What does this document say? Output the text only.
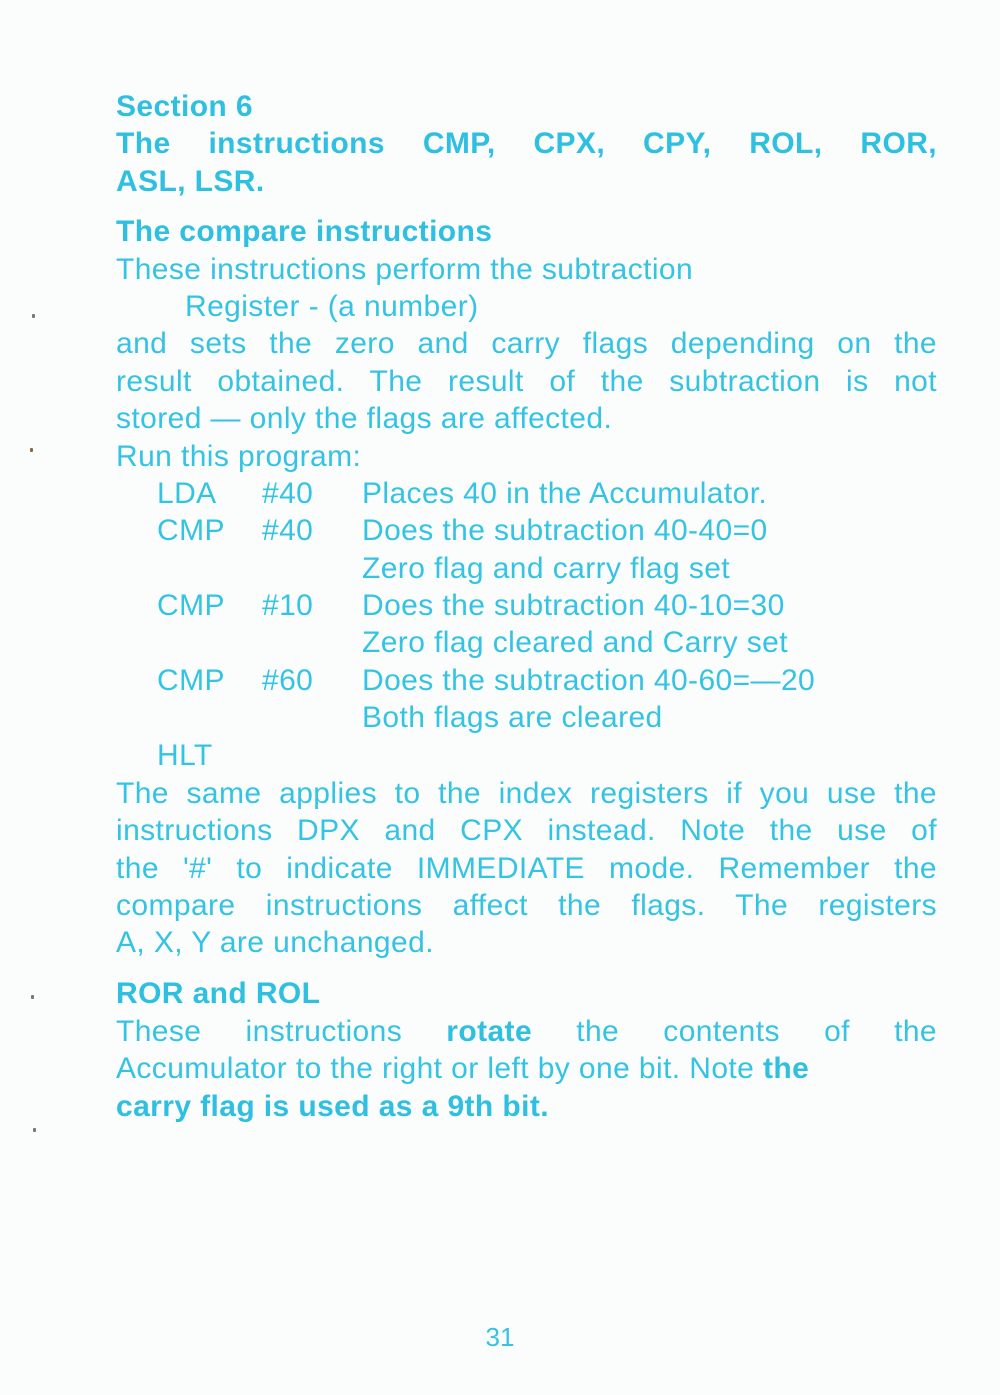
Section 6
The instructions CMP, CPX, CPY, ROL, ROR,
ASL, LSR.
The compare instructions
These instructions perform the subtraction
Register - (a number)
and sets the zero and carry flags depending on the
result obtained. The result of the subtraction is not
stored — only the flags are affected.
Run this program:
LDA #40 Places 40 in the Accumulator.
CMP #40 Does the subtraction 40-40=0
Zero flag and carry flag set
CMP #10 Does the subtraction 40-10=30
Zero flag cleared and Carry set
CMP #60 Does the subtraction 40-60=—20
Both flags are cleared
HLT
The same applies to the index registers if you use the
instructions DPX and CPX instead. Note the use of
the '#' to indicate IMMEDIATE mode. Remember the
compare instructions affect the flags. The registers
A, X, Y are unchanged.
ROR and ROL
These instructions rotate the contents of the
Accumulator to the right or left by one bit. Note the
carry flag is used as a 9th bit.
31
